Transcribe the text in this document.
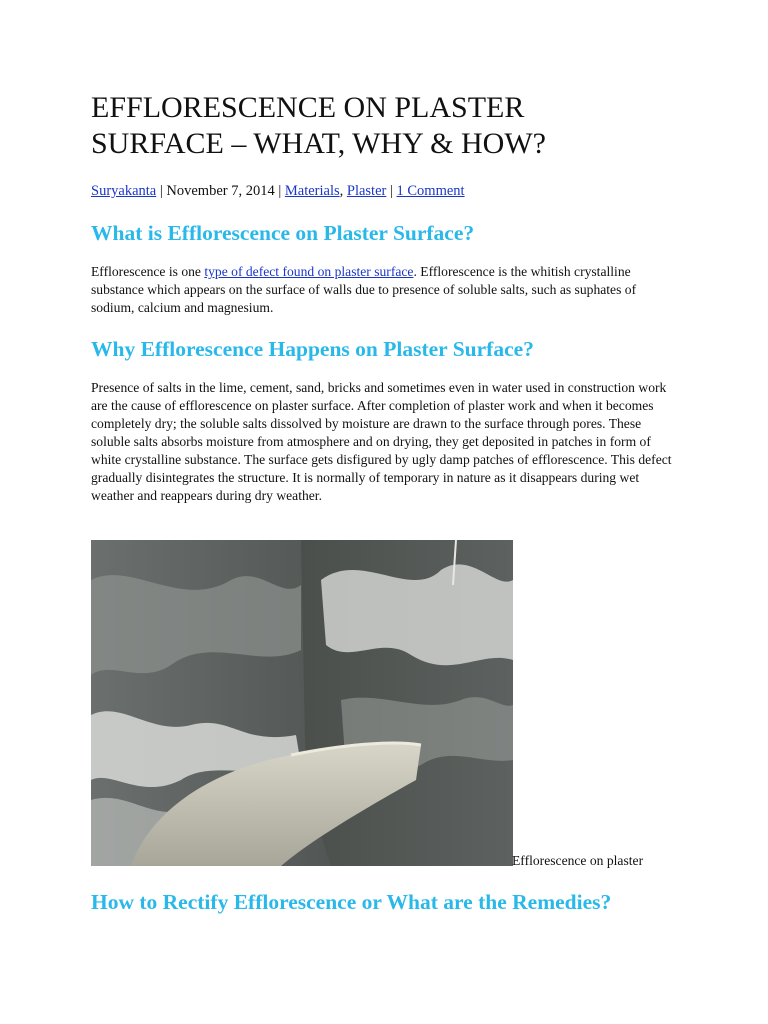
EFFLORESCENCE ON PLASTER SURFACE – WHAT, WHY & HOW?
Suryakanta | November 7, 2014 | Materials, Plaster | 1 Comment
What is Efflorescence on Plaster Surface?

Efflorescence is one type of defect found on plaster surface. Efflorescence is the whitish crystalline substance which appears on the surface of walls due to presence of soluble salts, such as suphates of sodium, calcium and magnesium.

Why Efflorescence Happens on Plaster Surface?

Presence of salts in the lime, cement, sand, bricks and sometimes even in water used in construction work are the cause of efflorescence on plaster surface. After completion of plaster work and when it becomes completely dry; the soluble salts dissolved by moisture are drawn to the surface through pores. These soluble salts absorbs moisture from atmosphere and on drying, they get deposited in patches in form of white crystalline substance. The surface gets disfigured by ugly damp patches of efflorescence. This defect gradually disintegrates the structure. It is normally of temporary in nature as it disappears during wet weather and reappears during dry weather.

Efflorescence on plaster
How to Rectify Efflorescence or What are the Remedies?
